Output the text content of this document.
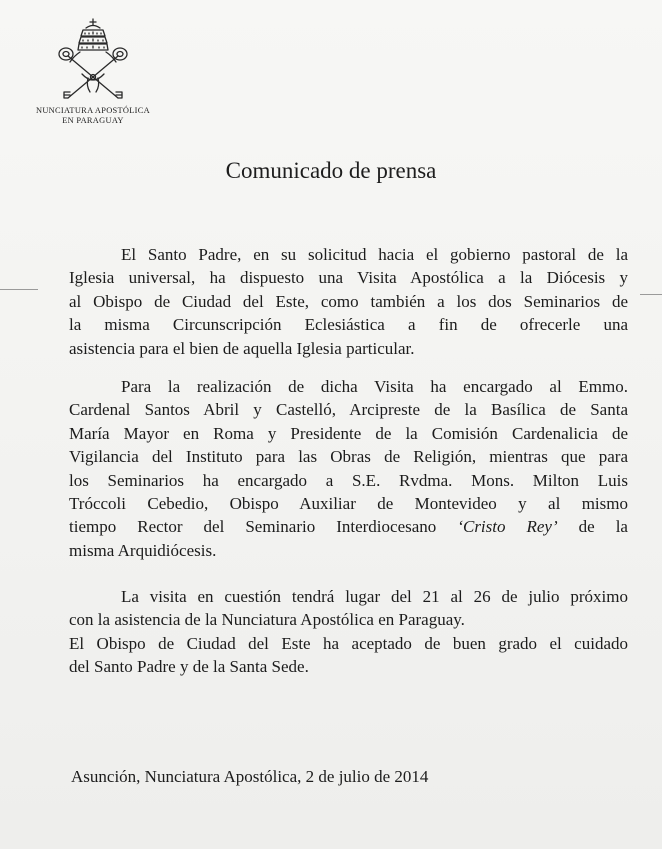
NUNCIATURA APOSTÓLICA
EN PARAGUAY
Comunicado de prensa
El Santo Padre, en su solicitud hacia el gobierno pastoral de la
Iglesia universal, ha dispuesto una Visita Apostólica a la Diócesis y
al Obispo de Ciudad del Este, como también a los dos Seminarios de
la misma Circunscripción Eclesiástica a fin de ofrecerle una
asistencia para el bien de aquella Iglesia particular.
Para la realización de dicha Visita ha encargado al Emmo.
Cardenal Santos Abril y Castelló, Arcipreste de la Basílica de Santa
María Mayor en Roma y Presidente de la Comisión Cardenalicia de
Vigilancia del Instituto para las Obras de Religión, mientras que para
los Seminarios ha encargado a S.E. Rvdma. Mons. Milton Luis
Tróccoli Cebedio, Obispo Auxiliar de Montevideo y al mismo
tiempo Rector del Seminario Interdiocesano ‘Cristo Rey’ de la
misma Arquidiócesis.
La visita en cuestión tendrá lugar del 21 al 26 de julio próximo
con la asistencia de la Nunciatura Apostólica en Paraguay.
El Obispo de Ciudad del Este ha aceptado de buen grado el cuidado
del Santo Padre y de la Santa Sede.
Asunción, Nunciatura Apostólica, 2 de julio de 2014
